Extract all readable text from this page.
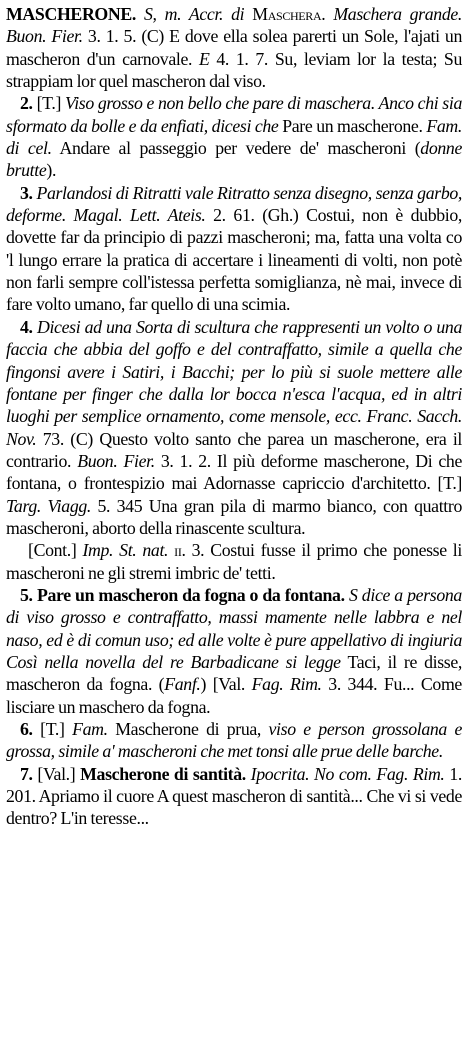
MASCHERONE. S, m. Accr. di Maschera. Maschera grande. Buon. Fier. 3. 1. 5. (C) E dove ella solea parerti un Sole, l'ajati un mascheron d'un carnovale. E 4. 1. 7. Su, leviam lor la testa; Su strappiam lor quel mascheron dal viso.

2. [T.] Viso grosso e non bello che pare di maschera. Anco chi sia sformato da bolle e da enfiati, dicesi che Pare un mascherone. Fam. di cel. Andare al passeggio per vedere de' mascheroni (donne brutte).

3. Parlandosi di Ritratti vale Ritratto senza disegno, senza garbo, deforme. Magal. Lett. Ateis. 2. 61. (Gh.) Costui, non è dubbio, dovette far da principio di pazzi mascheroni; ma, fatta una volta co 'l lungo errare la pratica di accertare i lineamenti di volti, non potè non farli sempre coll'istessa perfetta somiglianza, nè mai, invece di fare volto umano, far quello di una scimia.

4. Dicesi ad una Sorta di scultura che rappresenti un volto o una faccia che abbia del goffo e del contraffatto, simile a quella che fingonsi avere i Satiri, i Bacchi; per lo più si suole mettere alle fontane per finger che dalla lor bocca n'esca l'acqua, ed in altri luoghi per semplice ornamento, come mensole, ecc. Franc. Sacch. Nov. 73. (C) Questo volto santo che parea un mascherone, era il contrario. Buon. Fier. 3. 1. 2. Il più deforme mascherone, Di che fontana, o frontespizio mai Adornasse capriccio d'architetto. [T.] Targ. Viagg. 5. 345 Una gran pila di marmo bianco, con quattro mascheroni, aborto della rinascente scultura.

[Cont.] Imp. St. nat. ii. 3. Costui fusse il primo che ponesse li mascheroni ne gli stremi imbric de' tetti.

5. Pare un mascheron da fogna o da fontana. S dice a persona di viso grosso e contraffatto, massi mamente nelle labbra e nel naso, ed è di comun uso; ed alle volte è pure appellativo di ingiuria Così nella novella del re Barbadicane si legge Taci, il re disse, mascheron da fogna. (Fanf.) [Val. Fag. Rim. 3. 344. Fu... Come lisciare un maschero da fogna.

6. [T.] Fam. Mascherone di prua, viso e person grossolana e grossa, simile a' mascheroni che met tonsi alle prue delle barche.

7. [Val.] Mascherone di santità. Ipocrita. No com. Fag. Rim. 1. 201. Apriamo il cuore A quest mascheron di santità... Che vi si vede dentro? L'in teresse...
